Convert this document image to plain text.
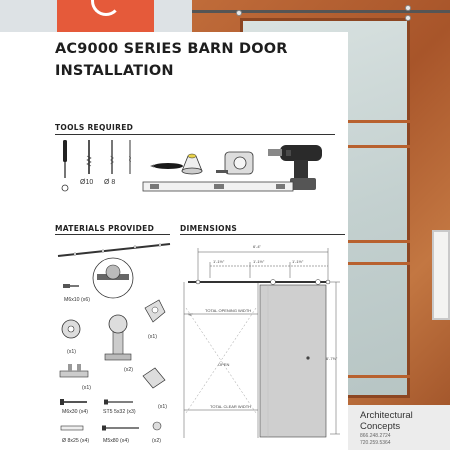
AC9000 SERIES BARN DOOR
INSTALLATION
TOOLS REQUIRED
Ø10 Ø 8
MATERIALS PROVIDED
M6x10 (x6)
(x1)
(x2)
(x1)
(x1)
(x1)
M6x30 (x4)	ST5 5x32 (x3)
Ø 8x25 (x4)	M5x80 (x4)	(x2)
DIMENSIONS
6'-4"
1'-1½"	1'-1½"	1'-1½"
TOTAL OPENING WIDTH
TOTAL CLEAR WIDTH
OPEN
6'-7⅝"
⅝"
Architectural Concepts
866.248.2724
720.259.5364
